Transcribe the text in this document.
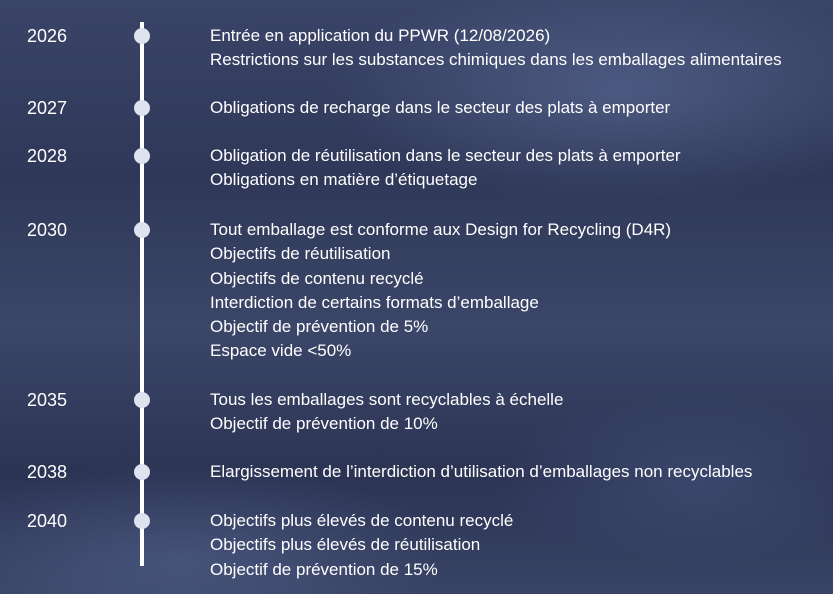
2026	Entrée en application du PPWR (12/08/2026)
Restrictions sur les substances chimiques dans les emballages alimentaires
2027	Obligations de recharge dans le secteur des plats à emporter
2028	Obligation de réutilisation dans le secteur des plats à emporter
Obligations en matière d’étiquetage
2030	Tout emballage est conforme aux Design for Recycling (D4R)
Objectifs de réutilisation
Objectifs de contenu recyclé
Interdiction de certains formats d’emballage
Objectif de prévention de 5%
Espace vide <50%
2035	Tous les emballages sont recyclables à échelle
Objectif de prévention de 10%
2038	Elargissement de l’interdiction d’utilisation d’emballages non recyclables
2040	Objectifs plus élevés de contenu recyclé
Objectifs plus élevés de réutilisation
Objectif de prévention de 15%
